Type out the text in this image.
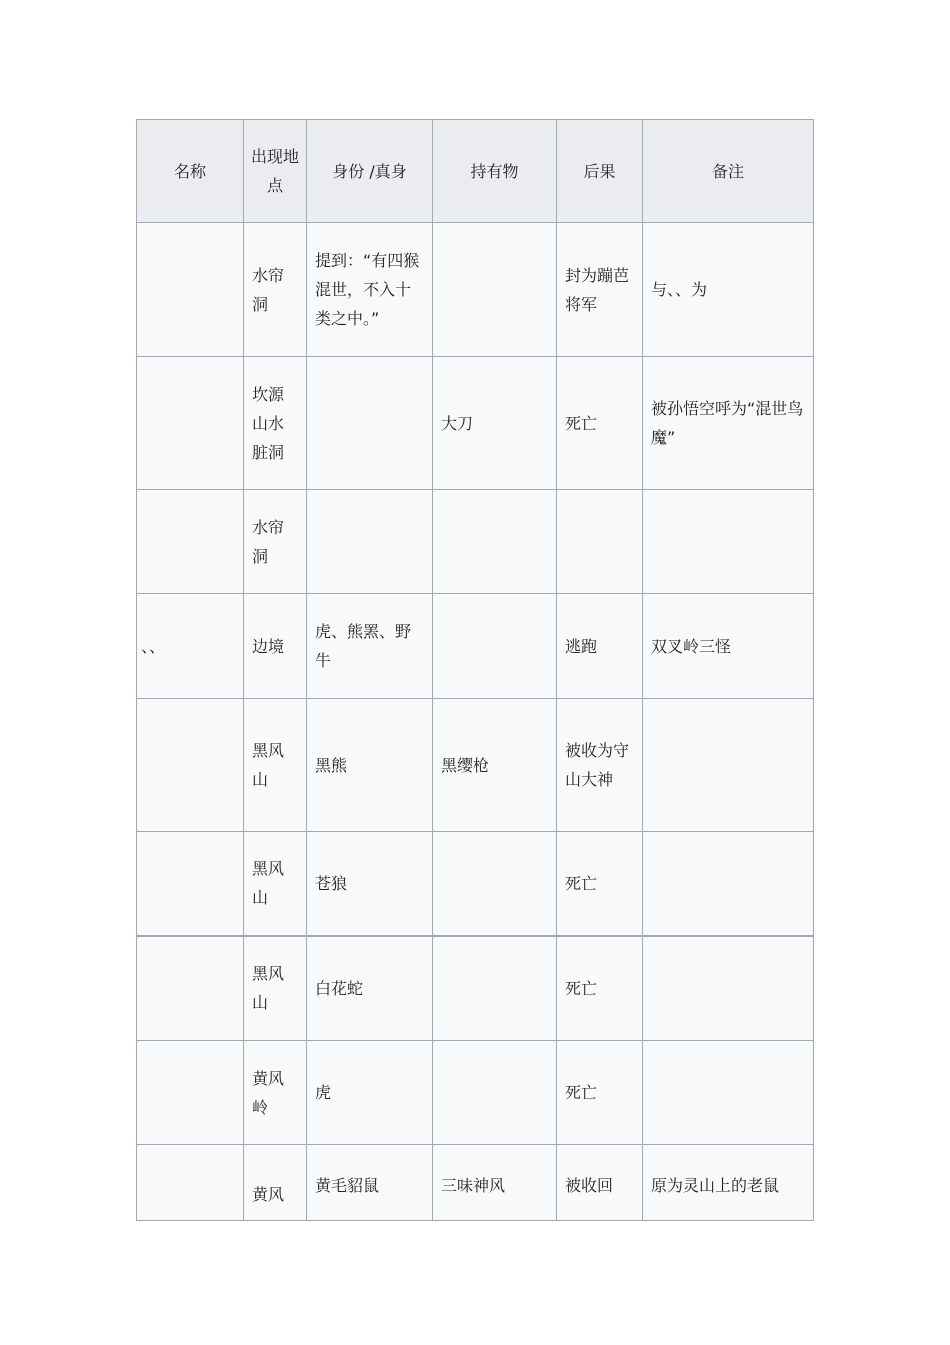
名称	出现地点	身份 /真身	持有物	后果	备注
	水帘洞	提到：“有四猴混世，不入十类之中。”		封为蹦芭将军	与、、为
	坎源山水脏洞		大刀	死亡	被孙悟空呼为“混世鸟魔”
	水帘洞				
、、	边境	虎、熊罴、野牛		逃跑	双叉岭三怪
	黑风山	黑熊	黑缨枪	被收为守山大神	
	黑风山	苍狼		死亡	
	黑风山	白花蛇		死亡	
	黄风岭	虎		死亡	
	黄风	黄毛貂鼠	三味神风	被收回	原为灵山上的老鼠
